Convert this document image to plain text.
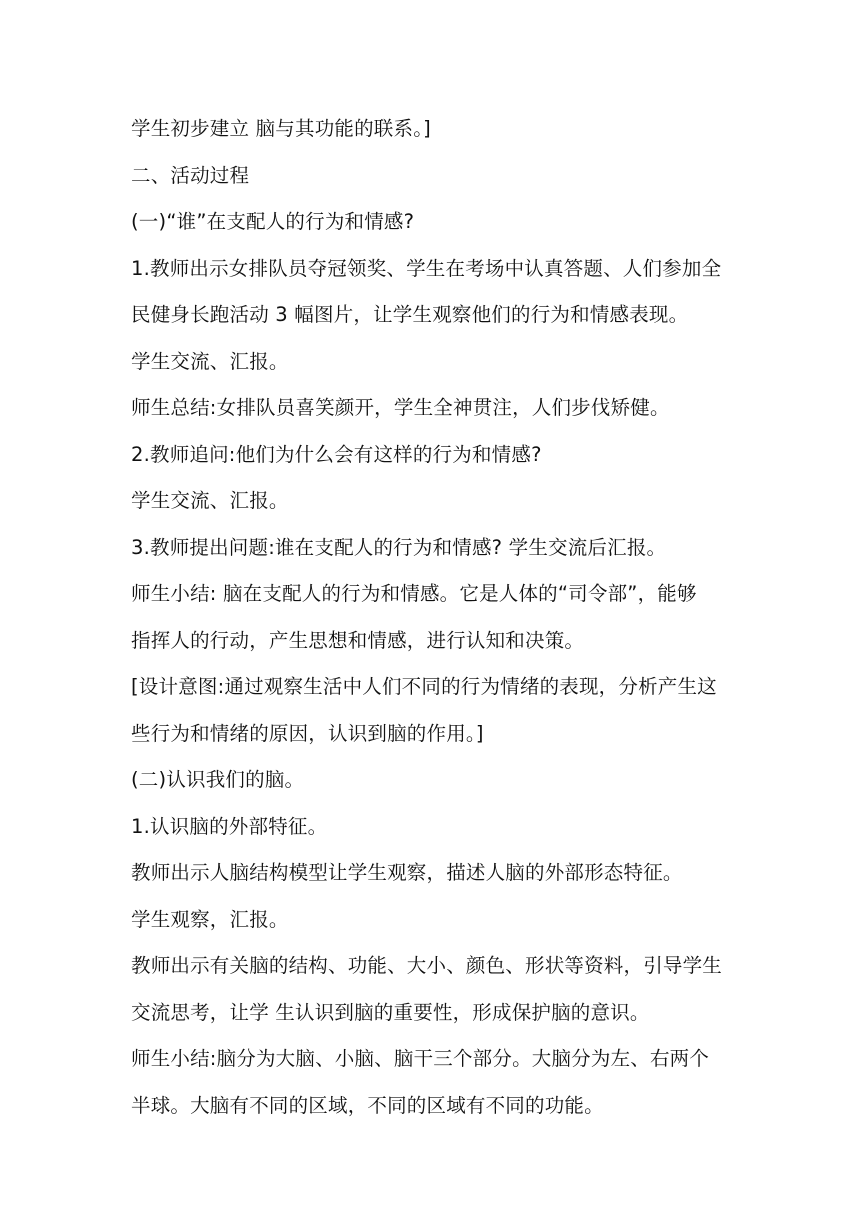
学生初步建立 脑与其功能的联系。]
二、活动过程
(一)“谁”在支配人的行为和情感?
1.教师出示女排队员夺冠领奖、学生在考场中认真答题、人们参加全
民健身长跑活动 3 幅图片，让学生观察他们的行为和情感表现。
学生交流、汇报。
师生总结:女排队员喜笑颜开，学生全神贯注，人们步伐矫健。
2.教师追问:他们为什么会有这样的行为和情感?
学生交流、汇报。
3.教师提出问题:谁在支配人的行为和情感? 学生交流后汇报。
师生小结: 脑在支配人的行为和情感。它是人体的“司令部”，能够
指挥人的行动，产生思想和情感，进行认知和决策。
[设计意图:通过观察生活中人们不同的行为情绪的表现，分析产生这
些行为和情绪的原因，认识到脑的作用。]
(二)认识我们的脑。
1.认识脑的外部特征。
教师出示人脑结构模型让学生观察，描述人脑的外部形态特征。
学生观察，汇报。
教师出示有关脑的结构、功能、大小、颜色、形状等资料，引导学生
交流思考，让学 生认识到脑的重要性，形成保护脑的意识。
师生小结:脑分为大脑、小脑、脑干三个部分。大脑分为左、右两个
半球。大脑有不同的区域，不同的区域有不同的功能。
